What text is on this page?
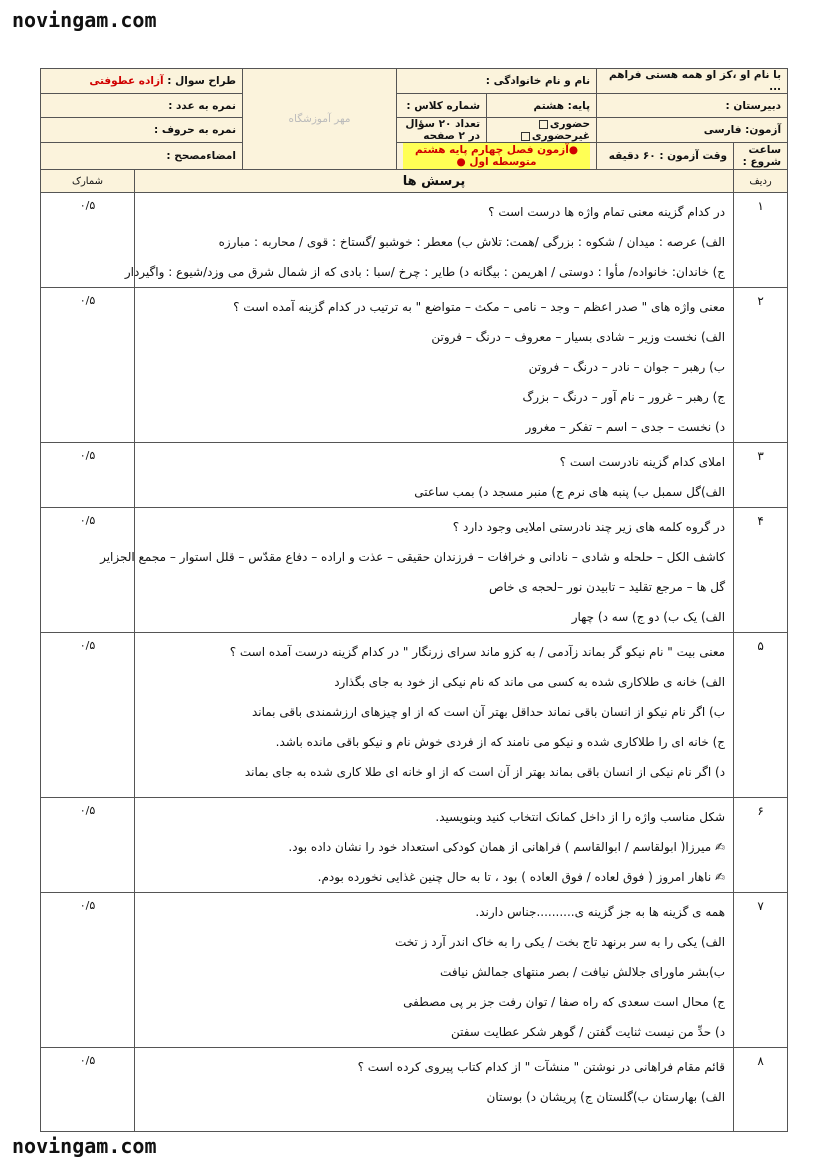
novingam.com
با نام او ،کز او همه هستی فراهم ...		نام و نام خانوادگی :		مهر آموزشگاه	طراح سوال : آزاده عطوفتی	
دبیرستان :		پایه: هشتم	شماره کلاس :		نمره به عدد :	
آزمون: فارسی		حضوری غیرحضوری	تعداد ۲۰ سؤال در ۲ صفحه		نمره به حروف :	
ساعت شروع :	وقت آزمون : ۶۰ دقیقه	●آزمون فصل چهارم پایه هشتم متوسطه اول ●			امضاءمصحح :	
ردیف	پرسش ها					شمارک
۱	در کدام گزینه معنی تمام واژه ها درست است ؟
الف) عرصه : میدان / شکوه : بزرگی /همت: تلاش ب) معطر : خوشبو /گستاخ : قوی / محاربه : مبارزه
ج) خاندان: خانواده/ مأوا : دوستی / اهریمن : بیگانه د) طایر : چرخ /سبا : بادی که از شمال شرق می وزد/شیوع : واگیردار					۰/۵
۲	معنی واژه های " صدر اعظم – وجد – نامی – مکث – متواضع " به ترتیب در کدام گزینه آمده است ؟
الف) نخست وزیر – شادی بسیار – معروف – درنگ – فروتن
ب) رهبر – جوان – نادر – درنگ – فروتن
ج) رهبر – غرور – نام آور – درنگ – بزرگ
د) نخست – جدی – اسم – تفکر – مغرور					۰/۵
۳	املای کدام گزینه نادرست است ؟
الف)گل سمبل ب) پنبه های نرم ج) منبر مسجد د) بمب ساعتی					۰/۵
۴	در گروه کلمه های زیر چند نادرستی املایی وجود دارد ؟
کاشف الکل – حلحله و شادی – نادانی و خرافات – فرزندان حقیقی – عذت و اراده – دفاع مقدّس – قلل استوار – مجمع الجزایر
گل ها – مرجع تقلید – تابیدن نور –لحجه ی خاص
الف) یک ب) دو ج) سه د) چهار					۰/۵
۵	معنی بیت " نام نیکو گر بماند زآدمی / به کزو ماند سرای زرنگار " در کدام گزینه درست آمده است ؟
الف) خانه ی طلاکاری شده به کسی می ماند که نام نیکی از خود به جای بگذارد
ب) اگر نام نیکو از انسان باقی نماند حداقل بهتر آن است که از او چیزهای ارزشمندی باقی بماند
ج) خانه ای را طلاکاری شده و نیکو می نامند که از فردی خوش نام و نیکو باقی مانده باشد.
د) اگر نام نیکی از انسان باقی بماند بهتر از آن است که از او خانه ای طلا کاری شده به جای بماند					۰/۵
۶	شکل مناسب واژه را از داخل کمانک انتخاب کنید وبنویسید.
✍ میرزا( ابولقاسم / ابوالقاسم ) فراهانی از همان کودکی استعداد خود را نشان داده بود.
✍ ناهار امروز ( فوق لعاده / فوق العاده ) بود ، تا به حال چنین غذایی نخورده بودم.					۰/۵
۷	همه ی گزینه ها به جز گزینه ی..........جناس دارند.
الف) یکی را به سر برنهد تاج بخت / یکی را به خاک اندر آرد ز تخت
ب)بشر ماورای جلالش نیافت / بصر منتهای جمالش نیافت
ج) محال است سعدی که راه صفا / توان رفت جز بر پی مصطفی
د) حدِّ من نیست ثنایت گفتن / گوهر شکر عطایت سفتن					۰/۵
۸	قائم مقام فراهانی در نوشتن " منشآت " از کدام کتاب پیروی کرده است ؟
الف) بهارستان ب)گلستان ج) پریشان د) بوستان					۰/۵
novingam.com
